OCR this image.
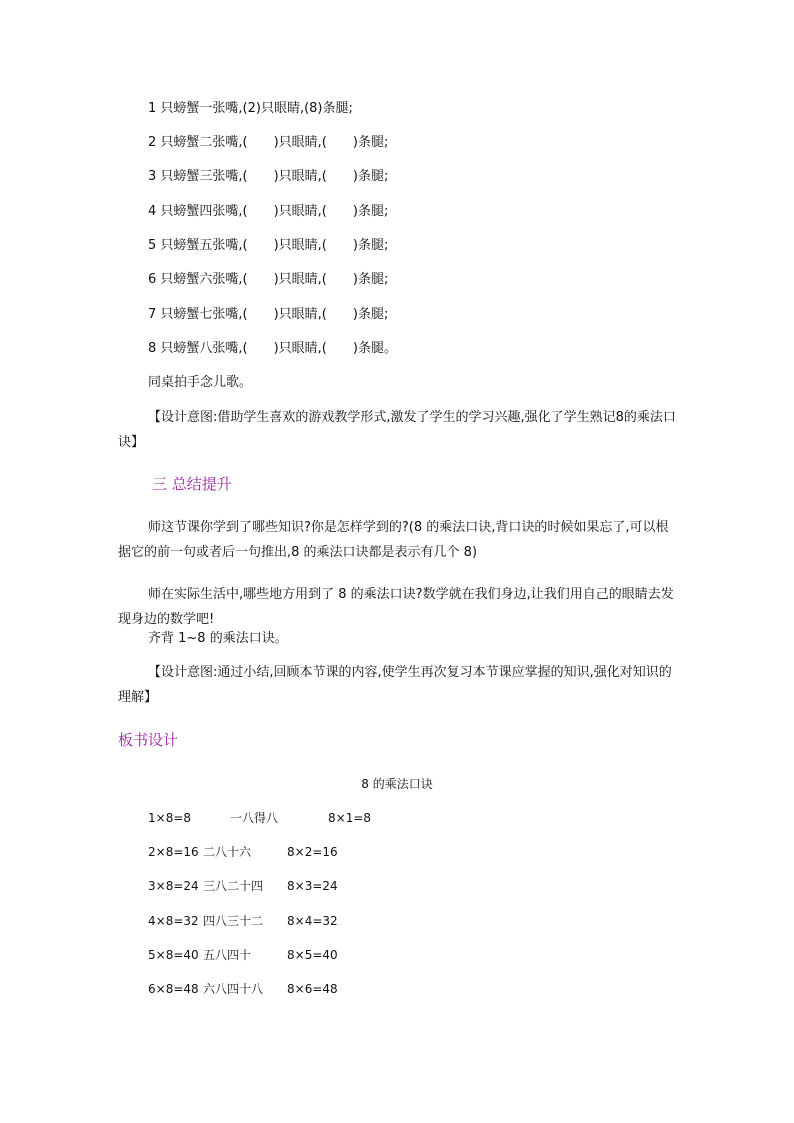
1 只螃蟹一张嘴,(2)只眼睛,(8)条腿;
2 只螃蟹二张嘴,(　　)只眼睛,(　　)条腿;
3 只螃蟹三张嘴,(　　)只眼睛,(　　)条腿;
4 只螃蟹四张嘴,(　　)只眼睛,(　　)条腿;
5 只螃蟹五张嘴,(　　)只眼睛,(　　)条腿;
6 只螃蟹六张嘴,(　　)只眼睛,(　　)条腿;
7 只螃蟹七张嘴,(　　)只眼睛,(　　)条腿;
8 只螃蟹八张嘴,(　　)只眼睛,(　　)条腿。
同桌拍手念儿歌。
【设计意图:借助学生喜欢的游戏教学形式,激发了学生的学习兴趣,强化了学生熟记8的乘法口诀】
三 总结提升
师这节课你学到了哪些知识?你是怎样学到的?(8 的乘法口诀,背口诀的时候如果忘了,可以根据它的前一句或者后一句推出,8 的乘法口诀都是表示有几个 8)
师在实际生活中,哪些地方用到了 8 的乘法口诀?数学就在我们身边,让我们用自己的眼睛去发现身边的数学吧!
齐背 1~8 的乘法口诀。
【设计意图:通过小结,回顾本节课的内容,使学生再次复习本节课应掌握的知识,强化对知识的理解】
板书设计
8 的乘法口诀
1×8=8	一八得八	8×1=8
2×8=16 二八十六	8×2=16
3×8=24 三八二十四 8×3=24
4×8=32 四八三十二 8×4=32
5×8=40 五八四十	8×5=40
6×8=48 六八四十八 8×6=48
